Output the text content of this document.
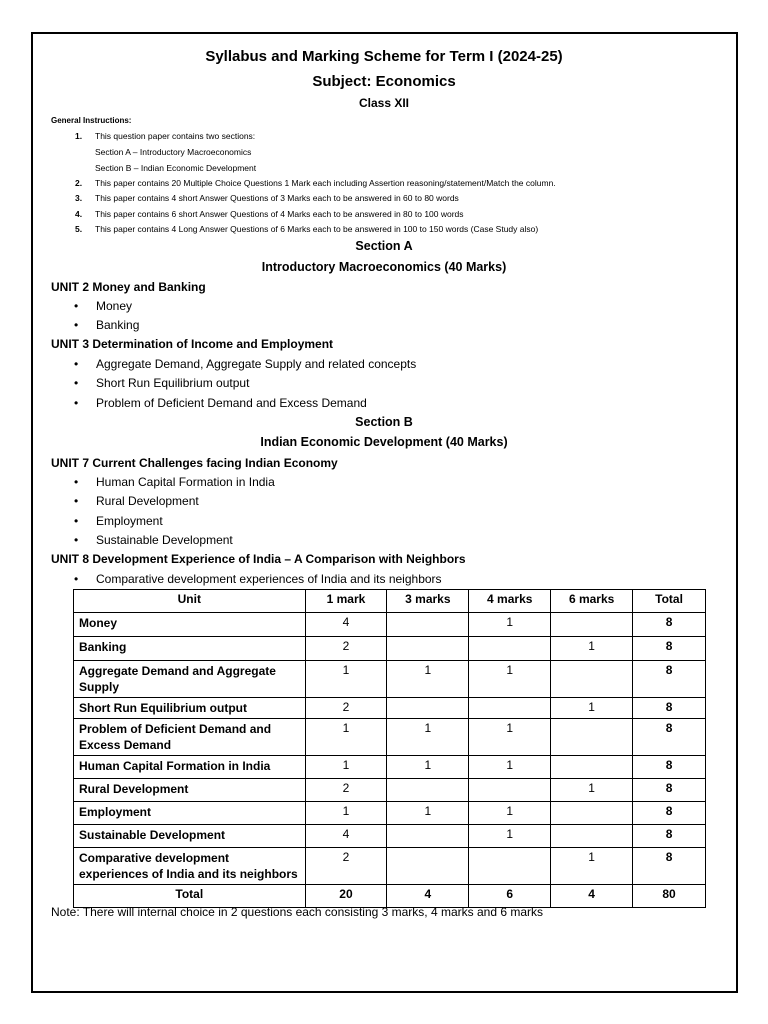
Syllabus and Marking Scheme for Term I (2024-25)
Subject: Economics
Class XII
General Instructions:
1. This question paper contains two sections:
Section A – Introductory Macroeconomics
Section B – Indian Economic Development
2. This paper contains 20 Multiple Choice Questions 1 Mark each including Assertion reasoning/statement/Match the column.
3. This paper contains 4 short Answer Questions of 3 Marks each to be answered in 60 to 80 words
4. This paper contains 6 short Answer Questions of 4 Marks each to be answered in 80 to 100 words
5. This paper contains 4 Long Answer Questions of 6 Marks each to be answered in 100 to 150 words (Case Study also)
Section A
Introductory Macroeconomics (40 Marks)
UNIT 2 Money and Banking
• Money
• Banking
UNIT 3 Determination of Income and Employment
• Aggregate Demand, Aggregate Supply and related concepts
• Short Run Equilibrium output
• Problem of Deficient Demand and Excess Demand
Section B
Indian Economic Development (40 Marks)
UNIT 7 Current Challenges facing Indian Economy
• Human Capital Formation in India
• Rural Development
• Employment
• Sustainable Development
UNIT 8 Development Experience of India – A Comparison with Neighbors
• Comparative development experiences of India and its neighbors
Unit	1 mark	3 marks	4 marks	6 marks	Total
Money	4		1		8
Banking	2			1	8
Aggregate Demand and Aggregate Supply	1	1	1		8
Short Run Equilibrium output	2			1	8
Problem of Deficient Demand and Excess Demand	1	1	1		8
Human Capital Formation in India	1	1	1		8
Rural Development	2			1	8
Employment	1	1	1		8
Sustainable Development	4		1		8
Comparative development experiences of India and its neighbors	2			1	8
Total	20	4	6	4	80
Note: There will internal choice in 2 questions each consisting 3 marks, 4 marks and 6 marks
